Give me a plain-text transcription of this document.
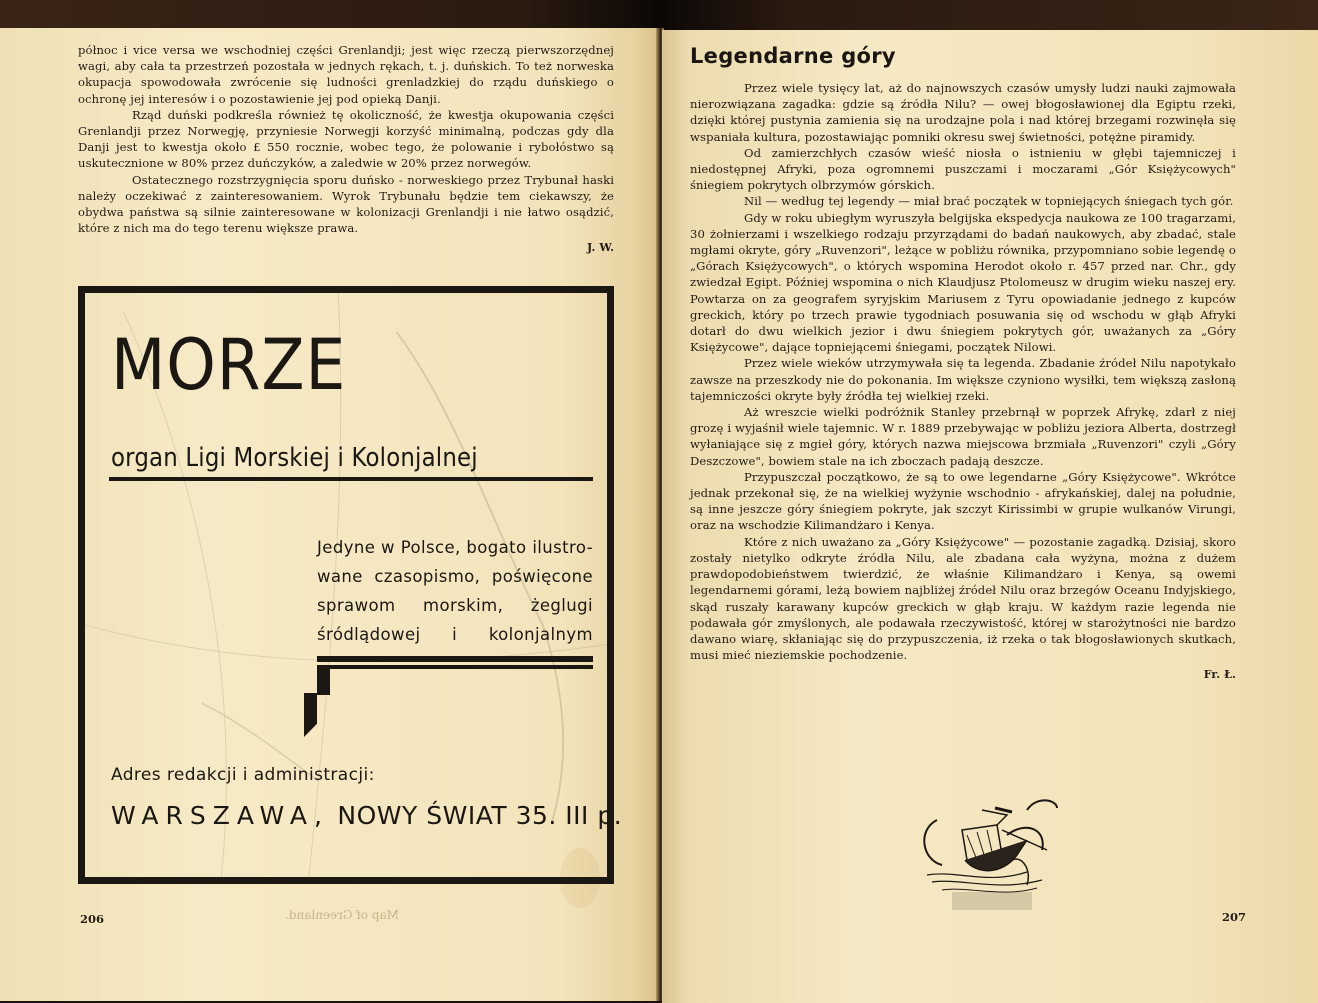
północ i vice versa we wschodniej części Grenlandji; jest więc rzeczą pierwszorzędnej wagi, aby cała ta przestrzeń pozostała w jednych rękach, t. j. duńskich. To też norweska okupacja spowodowała zwrócenie się ludności grenladzkiej do rządu duńskiego o ochronę jej interesów i o pozostawienie jej pod opieką Danji.

Rząd duński podkreśla również tę okoliczność, że kwestja okupowania części Grenlandji przez Norwegję, przyniesie Norwegji korzyść minimalną, podczas gdy dla Danji jest to kwestja około £ 550 rocznie, wobec tego, że polowanie i rybołóstwo są uskutecznione w 80% przez duńczyków, a zaledwie w 20% przez norwegów.

Ostatecznego rozstrzygnięcia sporu duńsko - norweskiego przez Trybunał haski należy oczekiwać z zainteresowaniem. Wyrok Trybunału będzie tem ciekawszy, że obydwa państwa są silnie zainteresowane w kolonizacji Grenlandji i nie łatwo osądzić, które z nich ma do tego terenu większe prawa.

J. W.
MORZE
organ Ligi Morskiej i Kolonjalnej
Jedyne w Polsce, bogato ilustro-
wane czasopismo, poświęcone
sprawom morskim, żeglugi
śródlądowej i kolonjalnym
Adres redakcji i administracji:
WARSZAWA, NOWY ŚWIAT 35. III p.
Map of Greenland.
206
Legendarne góry

Przez wiele tysięcy lat, aż do najnowszych czasów umysły ludzi nauki zajmowała nierozwiązana zagadka: gdzie są źródła Nilu? — owej błogosławionej dla Egiptu rzeki, dzięki której pustynia zamienia się na urodzajne pola i nad której brzegami rozwinęła się wspaniała kultura, pozostawiając pomniki okresu swej świetności, potężne piramidy.

Od zamierzchłych czasów wieść niosła o istnieniu w głębi tajemniczej i niedostępnej Afryki, poza ogromnemi puszczami i moczarami „Gór Księżycowych" śniegiem pokrytych olbrzymów górskich.

Nil — według tej legendy — miał brać początek w topniejących śniegach tych gór.

Gdy w roku ubiegłym wyruszyła belgijska ekspedycja naukowa ze 100 tragarzami, 30 żołnierzami i wszelkiego rodzaju przyrządami do badań naukowych, aby zbadać, stale mgłami okryte, góry „Ruvenzori", leżące w pobliżu równika, przypomniano sobie legendę o „Górach Księżycowych", o których wspomina Herodot około r. 457 przed nar. Chr., gdy zwiedzał Egipt. Później wspomina o nich Klaudjusz Ptolomeusz w drugim wieku naszej ery. Powtarza on za geografem syryjskim Mariusem z Tyru opowiadanie jednego z kupców greckich, który po trzech prawie tygodniach posuwania się od wschodu w głąb Afryki dotarł do dwu wielkich jezior i dwu śniegiem pokrytych gór, uważanych za „Góry Księżycowe", dające topniejącemi śniegami, początek Nilowi.

Przez wiele wieków utrzymywała się ta legenda. Zbadanie źródeł Nilu napotykało zawsze na przeszkody nie do pokonania. Im większe czyniono wysiłki, tem większą zasłoną tajemniczości okryte były źródła tej wielkiej rzeki.

Aż wreszcie wielki podróżnik Stanley przebrnął w poprzek Afrykę, zdarł z niej grozę i wyjaśnił wiele tajemnic. W r. 1889 przebywając w pobliżu jeziora Alberta, dostrzegł wyłaniające się z mgieł góry, których nazwa miejscowa brzmiała „Ruvenzori" czyli „Góry Deszczowe", bowiem stale na ich zboczach padają deszcze.

Przypuszczał początkowo, że są to owe legendarne „Góry Księżycowe". Wkrótce jednak przekonał się, że na wielkiej wyżynie wschodnio - afrykańskiej, dalej na południe, są inne jeszcze góry śniegiem pokryte, jak szczyt Kirissimbi w grupie wulkanów Virungi, oraz na wschodzie Kilimandżaro i Kenya.

Które z nich uważano za „Góry Księżycowe" — pozostanie zagadką. Dzisiaj, skoro zostały nietylko odkryte źródła Nilu, ale zbadana cała wyżyna, można z dużem prawdopodobieństwem twierdzić, że właśnie Kilimandżaro i Kenya, są owemi legendarnemi górami, leżą bowiem najbliżej źródeł Nilu oraz brzegów Oceanu Indyjskiego, skąd ruszały karawany kupców greckich w głąb kraju. W każdym razie legenda nie podawała gór zmyślonych, ale podawała rzeczywistość, której w starożytności nie bardzo dawano wiarę, skłaniając się do przypuszczenia, iż rzeka o tak błogosławionych skutkach, musi mieć nieziemskie pochodzenie.

Fr. Ł.
207
